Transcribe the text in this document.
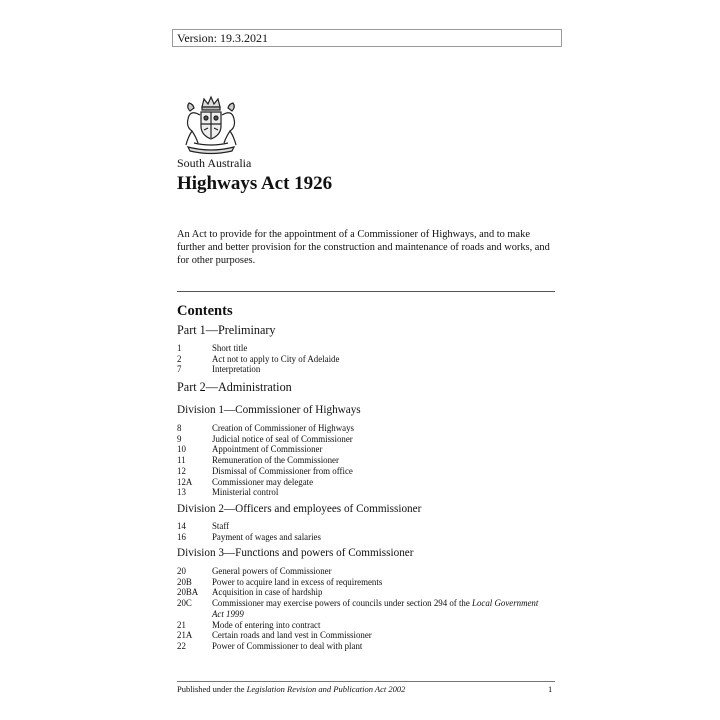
Version: 19.3.2021
South Australia
Highways Act 1926

An Act to provide for the appointment of a Commissioner of Highways, and to make further and better provision for the construction and maintenance of roads and works, and for other purposes.

Contents
Part 1—Preliminary
1	Short title
2	Act not to apply to City of Adelaide
7	Interpretation
Part 2—Administration
Division 1—Commissioner of Highways
8	Creation of Commissioner of Highways
9	Judicial notice of seal of Commissioner
10	Appointment of Commissioner
11	Remuneration of the Commissioner
12	Dismissal of Commissioner from office
12A	Commissioner may delegate
13	Ministerial control
Division 2—Officers and employees of Commissioner
14	Staff
16	Payment of wages and salaries
Division 3—Functions and powers of Commissioner
20	General powers of Commissioner
20B	Power to acquire land in excess of requirements
20BA	Acquisition in case of hardship
20C	Commissioner may exercise powers of councils under section 294 of the Local Government Act 1999
21	Mode of entering into contract
21A	Certain roads and land vest in Commissioner
22	Power of Commissioner to deal with plant
Published under the Legislation Revision and Publication Act 2002	1
